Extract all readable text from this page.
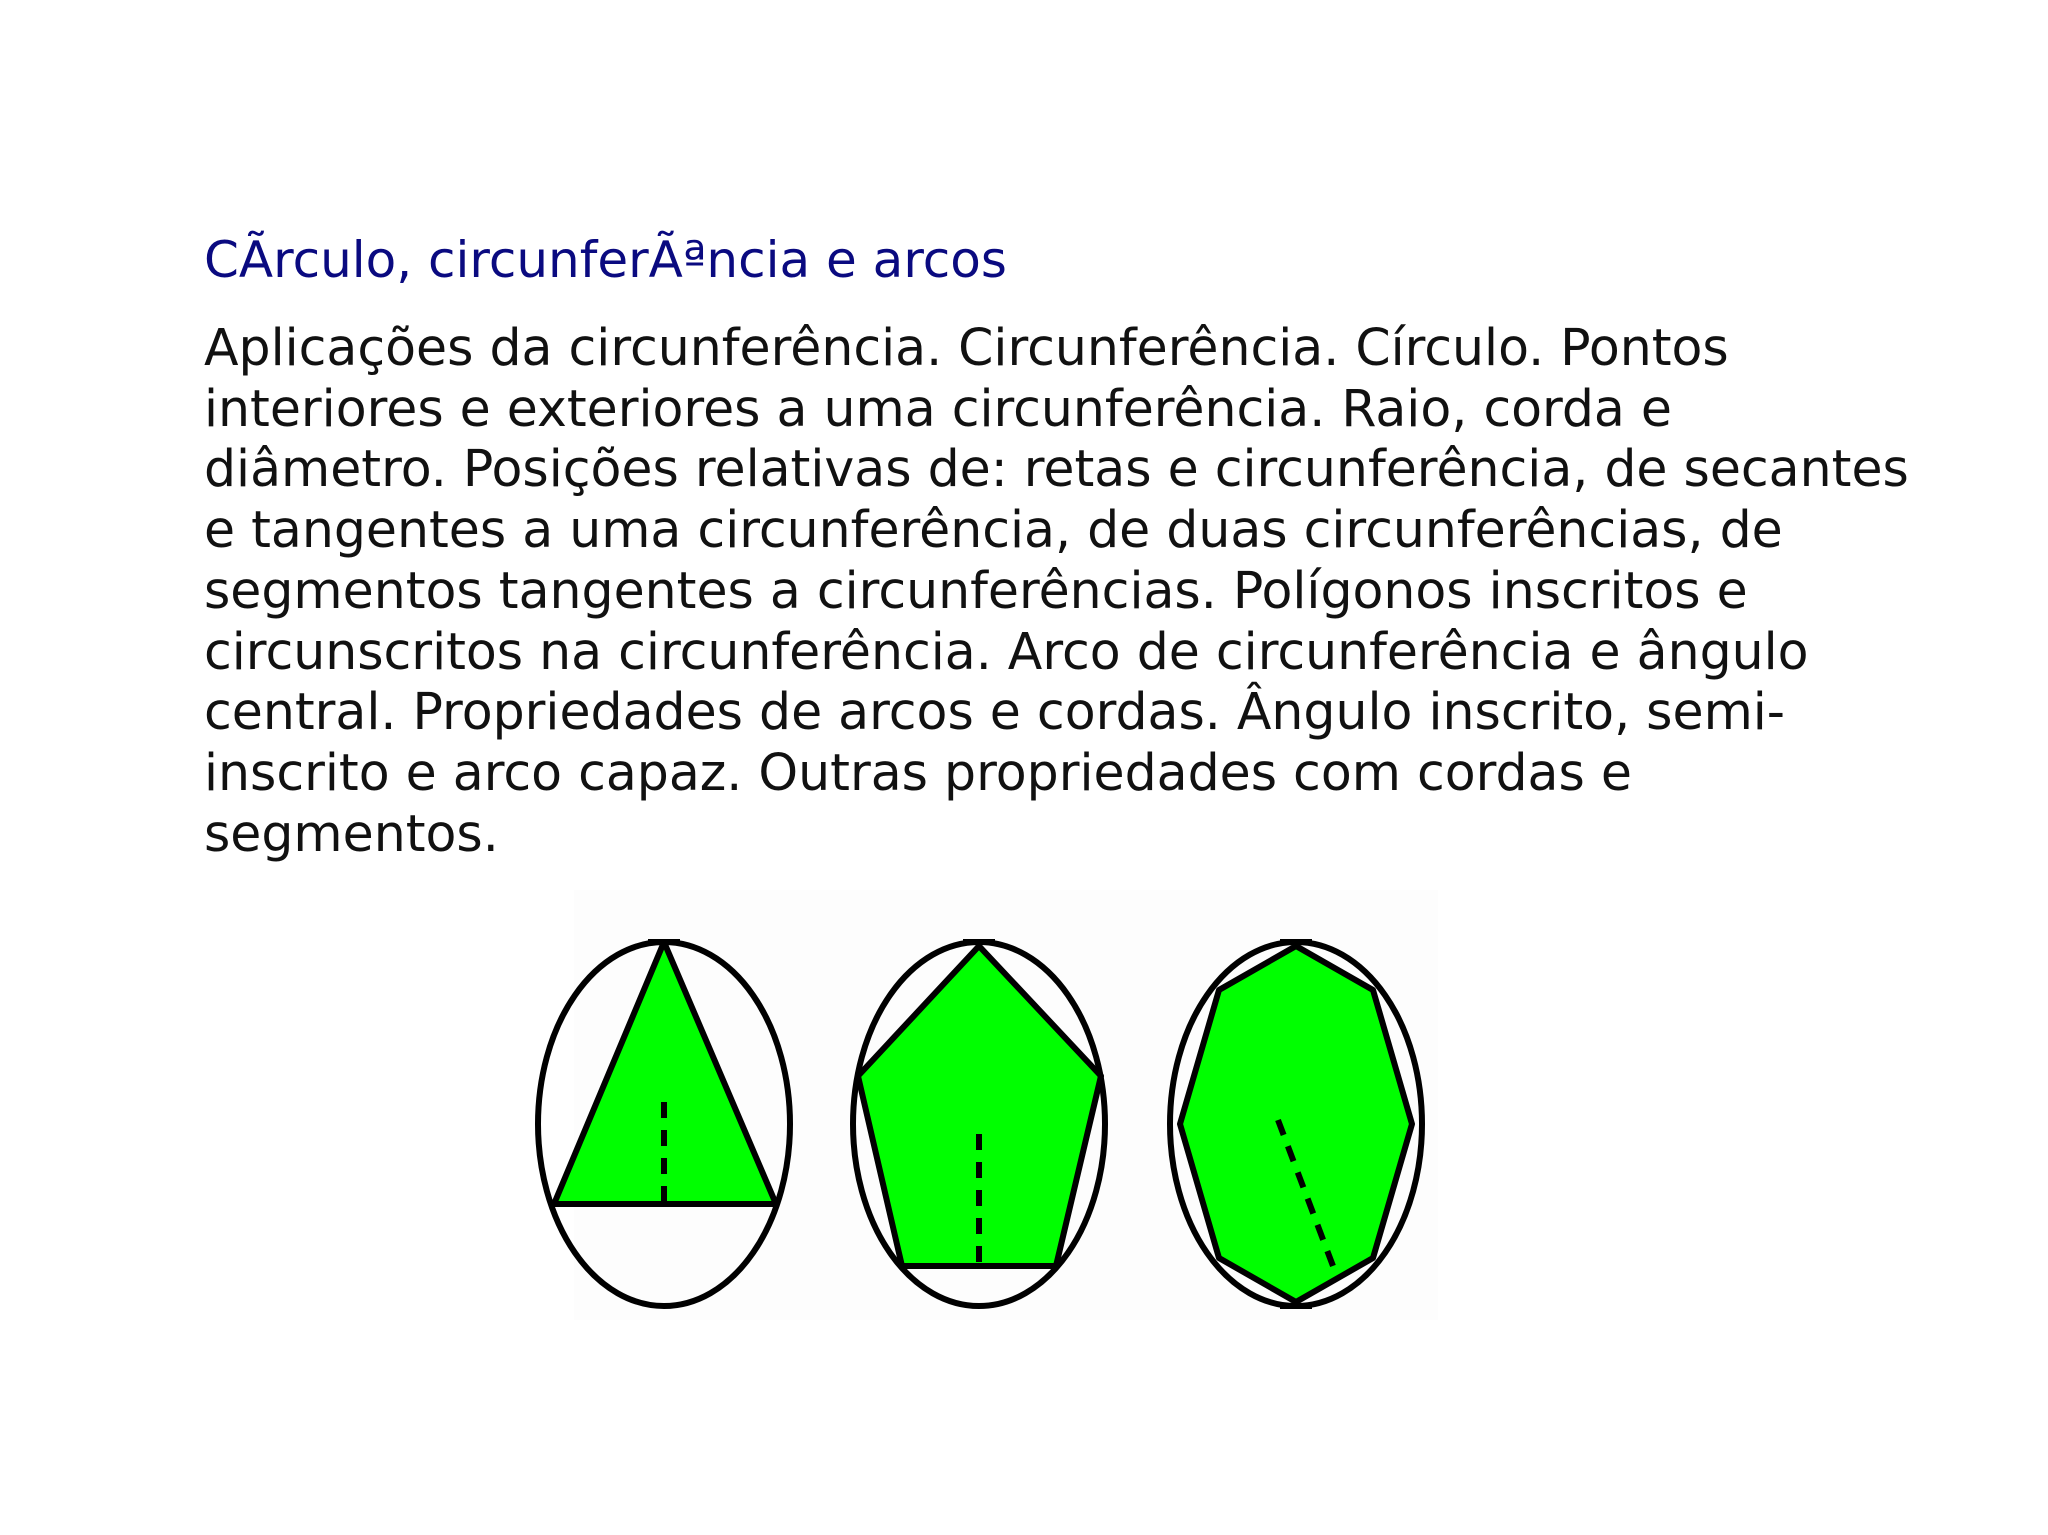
CÃrculo, circunferÃªncia e arcos

Aplicações da circunferência. Circunferência. Círculo. Pontos interiores e exteriores a uma circunferência. Raio, corda e diâmetro. Posições relativas de: retas e circunferência, de secantes e tangentes a uma circunferência, de duas circunferências, de segmentos tangentes a circunferências. Polígonos inscritos e circunscritos na circunferência. Arco de circunferência e ângulo central. Propriedades de arcos e cordas. Ângulo inscrito, semi-inscrito e arco capaz. Outras propriedades com cordas e segmentos.
